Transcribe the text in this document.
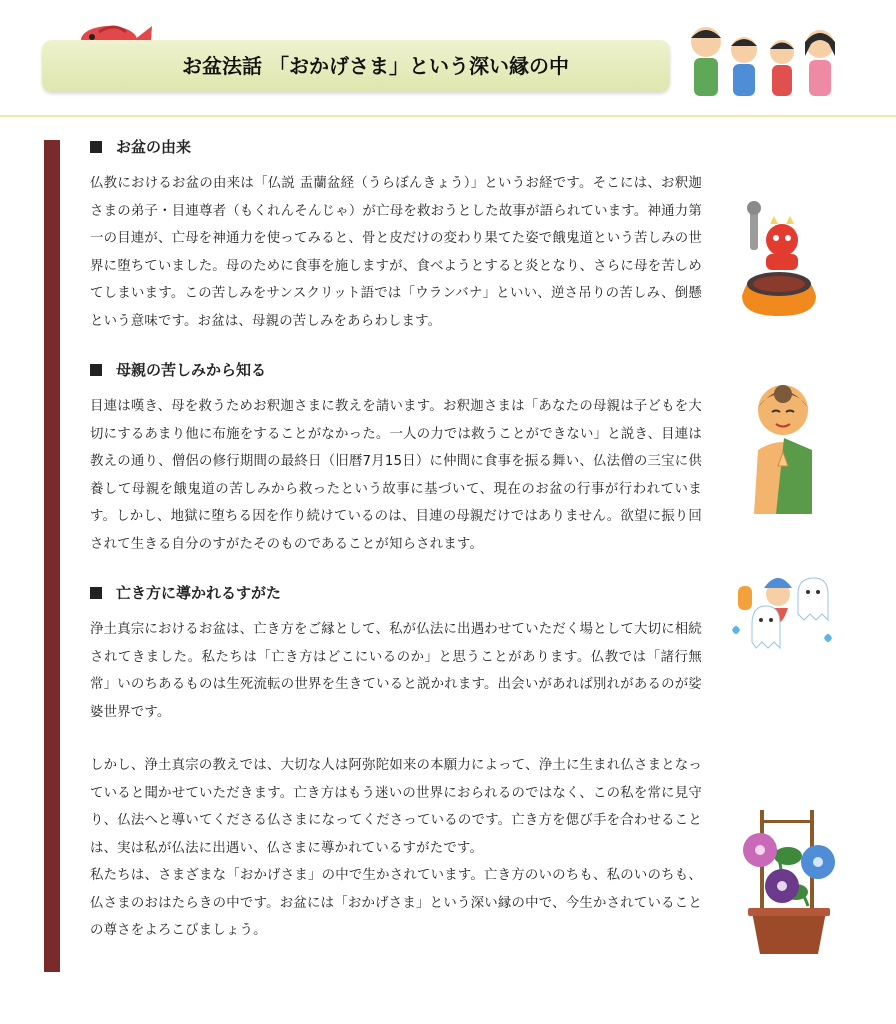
お盆法話 「おかげさま」という深い縁の中
お盆の由来

仏教におけるお盆の由来は「仏説 盂蘭盆経（うらぼんきょう）」というお経です。そこには、お釈迦さまの弟子・目連尊者（もくれんそんじゃ）が亡母を救おうとした故事が語られています。神通力第一の目連が、亡母を神通力を使ってみると、骨と皮だけの変わり果てた姿で餓鬼道という苦しみの世界に堕ちていました。母のために食事を施しますが、食べようとすると炎となり、さらに母を苦しめてしまいます。この苦しみをサンスクリット語では「ウランバナ」といい、逆さ吊りの苦しみ、倒懸という意味です。お盆は、母親の苦しみをあらわします。

母親の苦しみから知る

目連は嘆き、母を救うためお釈迦さまに教えを請います。お釈迦さまは「あなたの母親は子どもを大切にするあまり他に布施をすることがなかった。一人の力では救うことができない」と説き、目連は教えの通り、僧侶の修行期間の最終日（旧暦7月15日）に仲間に食事を振る舞い、仏法僧の三宝に供養して母親を餓鬼道の苦しみから救ったという故事に基づいて、現在のお盆の行事が行われています。しかし、地獄に堕ちる因を作り続けているのは、目連の母親だけではありません。欲望に振り回されて生きる自分のすがたそのものであることが知らされます。

亡き方に導かれるすがた

浄土真宗におけるお盆は、亡き方をご縁として、私が仏法に出遇わせていただく場として大切に相続されてきました。私たちは「亡き方はどこにいるのか」と思うことがあります。仏教では「諸行無常」いのちあるものは生死流転の世界を生きていると説かれます。出会いがあれば別れがあるのが娑婆世界です。

しかし、浄土真宗の教えでは、大切な人は阿弥陀如来の本願力によって、浄土に生まれ仏さまとなっていると聞かせていただきます。亡き方はもう迷いの世界におられるのではなく、この私を常に見守り、仏法へと導いてくださる仏さまになってくださっているのです。亡き方を偲び手を合わせることは、実は私が仏法に出遇い、仏さまに導かれているすがたです。

私たちは、さまざまな「おかげさま」の中で生かされています。亡き方のいのちも、私のいのちも、仏さまのおはたらきの中です。お盆には「おかげさま」という深い縁の中で、今生かされていることの尊さをよろこびましょう。
